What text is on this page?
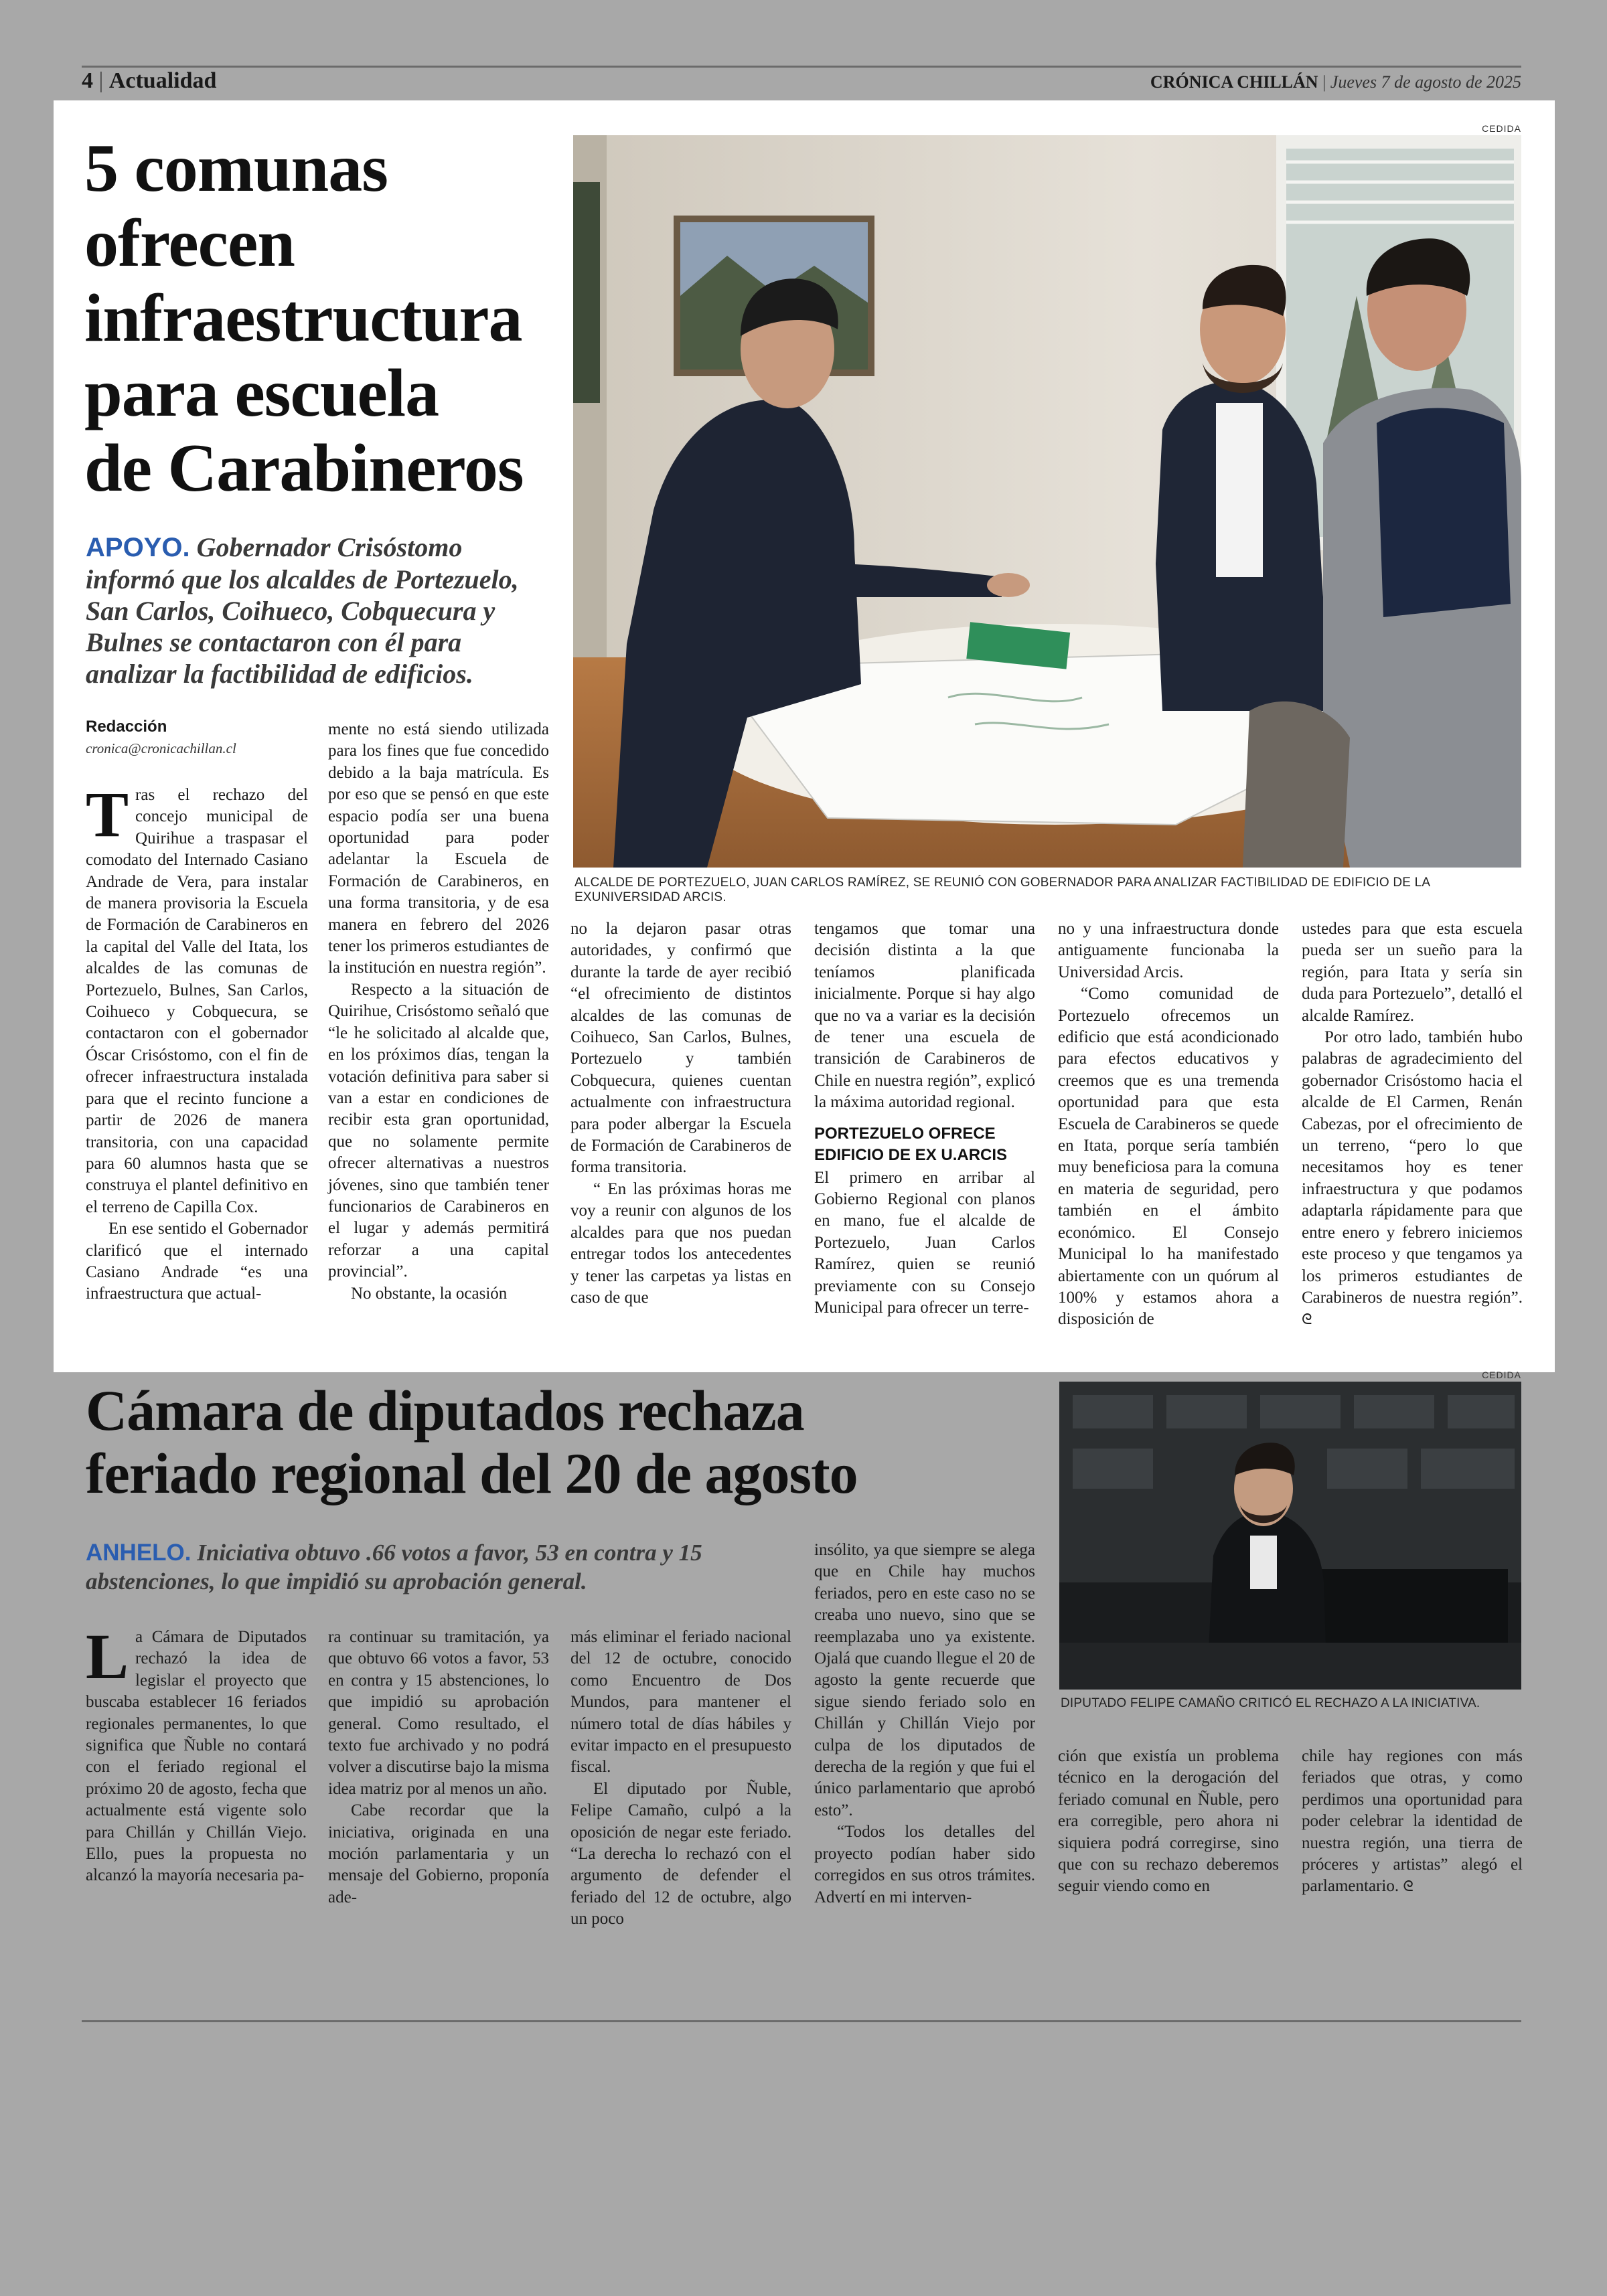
4 | Actualidad	CRÓNICA CHILLÁN | Jueves 7 de agosto de 2025
5 comunas
ofrecen
infraestructura
para escuela
de Carabineros
APOYO. Gobernador Crisóstomo informó que los alcaldes de Portezuelo, San Carlos, Coihueco, Cobquecura y Bulnes se contactaron con él para analizar la factibilidad de edificios.
Redacción
cronica@cronicachillan.cl
CEDIDA
ALCALDE DE PORTEZUELO, JUAN CARLOS RAMÍREZ, SE REUNIÓ CON GOBERNADOR PARA ANALIZAR FACTIBILIDAD DE EDIFICIO DE LA EXUNIVERSIDAD ARCIS.

Tras el rechazo del concejo municipal de Quirihue a traspasar el comodato del Internado Casiano Andrade de Vera, para instalar de manera provisoria la Escuela de Formación de Carabineros en la capital del Valle del Itata, los alcaldes de las comunas de Portezuelo, Bulnes, San Carlos, Coihueco y Cobquecura, se contactaron con el gobernador Óscar Crisóstomo, con el fin de ofrecer infraestructura instalada para que el recinto funcione a partir de 2026 de manera transitoria, con una capacidad para 60 alumnos hasta que se construya el plantel definitivo en el terreno de Capilla Cox.

En ese sentido el Gobernador clarificó que el internado Casiano Andrade “es una infraestructura que actual-

mente no está siendo utilizada para los fines que fue concedido debido a la baja matrícula. Es por eso que se pensó en que este espacio podía ser una buena oportunidad para poder adelantar la Escuela de Formación de Carabineros, en una forma transitoria, y de esa manera en febrero del 2026 tener los primeros estudiantes de la institución en nuestra región”.

Respecto a la situación de Quirihue, Crisóstomo señaló que “le he solicitado al alcalde que, en los próximos días, tengan la votación definitiva para saber si van a estar en condiciones de recibir esta gran oportunidad, que no solamente permite ofrecer alternativas a nuestros jóvenes, sino que también tener funcionarios de Carabineros en el lugar y además permitirá reforzar a una capital provincial”.

No obstante, la ocasión

no la dejaron pasar otras autoridades, y confirmó que durante la tarde de ayer recibió “el ofrecimiento de distintos alcaldes de las comunas de Coihueco, San Carlos, Bulnes, Portezuelo y también Cobquecura, quienes cuentan actualmente con infraestructura para poder albergar la Escuela de Formación de Carabineros de forma transitoria.

“ En las próximas horas me voy a reunir con algunos de los alcaldes para que nos puedan entregar todos los antecedentes y tener las carpetas ya listas en caso de que

tengamos que tomar una decisión distinta a la que teníamos planificada inicialmente. Porque si hay algo que no va a variar es la decisión de tener una escuela de transición de Carabineros de Chile en nuestra región”, explicó la máxima autoridad regional.

PORTEZUELO OFRECE EDIFICIO DE EX U.ARCIS

El primero en arribar al Gobierno Regional con planos en mano, fue el alcalde de Portezuelo, Juan Carlos Ramírez, quien se reunió previamente con su Consejo Municipal para ofrecer un terre-

no y una infraestructura donde antiguamente funcionaba la Universidad Arcis.

“Como comunidad de Portezuelo ofrecemos un edificio que está acondicionado para efectos educativos y creemos que es una tremenda oportunidad para que esta Escuela de Carabineros se quede en Itata, porque sería también muy beneficiosa para la comuna en materia de seguridad, pero también en el ámbito económico. El Consejo Municipal lo ha manifestado abiertamente con un quórum al 100% y estamos ahora a disposición de

ustedes para que esta escuela pueda ser un sueño para la región, para Itata y sería sin duda para Portezuelo”, detalló el alcalde Ramírez.

Por otro lado, también hubo palabras de agradecimiento del gobernador Crisóstomo hacia el alcalde de El Carmen, Renán Cabezas, por el ofrecimiento de un terreno, “pero lo que necesitamos hoy es tener infraestructura y que podamos adaptarla rápidamente para que entre enero y febrero iniciemos este proceso y que tengamos ya los primeros estudiantes de Carabineros de nuestra región”. ᘓ

Cámara de diputados rechaza
feriado regional del 20 de agosto
ANHELO. Iniciativa obtuvo .66 votos a favor, 53 en contra y 15 abstenciones, lo que impidió su aprobación general.
CEDIDA
DIPUTADO FELIPE CAMAÑO CRITICÓ EL RECHAZO A LA INICIATIVA.

La Cámara de Diputados rechazó la idea de legislar el proyecto que buscaba establecer 16 feriados regionales permanentes, lo que significa que Ñuble no contará con el feriado regional el próximo 20 de agosto, fecha que actualmente está vigente solo para Chillán y Chillán Viejo. Ello, pues la propuesta no alcanzó la mayoría necesaria pa-

ra continuar su tramitación, ya que obtuvo 66 votos a favor, 53 en contra y 15 abstenciones, lo que impidió su aprobación general. Como resultado, el texto fue archivado y no podrá volver a discutirse bajo la misma idea matriz por al menos un año.

Cabe recordar que la iniciativa, originada en una moción parlamentaria y un mensaje del Gobierno, proponía ade-

más eliminar el feriado nacional del 12 de octubre, conocido como Encuentro de Dos Mundos, para mantener el número total de días hábiles y evitar impacto en el presupuesto fiscal.

El diputado por Ñuble, Felipe Camaño, culpó a la oposición de negar este feriado. “La derecha lo rechazó con el argumento de defender el feriado del 12 de octubre, algo un poco

insólito, ya que siempre se alega que en Chile hay muchos feriados, pero en este caso no se creaba uno nuevo, sino que se reemplazaba uno ya existente. Ojalá que cuando llegue el 20 de agosto la gente recuerde que sigue siendo feriado solo en Chillán y Chillán Viejo por culpa de los diputados de derecha de la región y que fui el único parlamentario que aprobó esto”.

“Todos los detalles del proyecto podían haber sido corregidos en sus otros trámites. Advertí en mi interven-

ción que existía un problema técnico en la derogación del feriado comunal en Ñuble, pero era corregible, pero ahora ni siquiera podrá corregirse, sino que con su rechazo deberemos seguir viendo como en

chile hay regiones con más feriados que otras, y como perdimos una oportunidad para poder celebrar la identidad de nuestra región, una tierra de próceres y artistas” alegó el parlamentario. ᘓ
